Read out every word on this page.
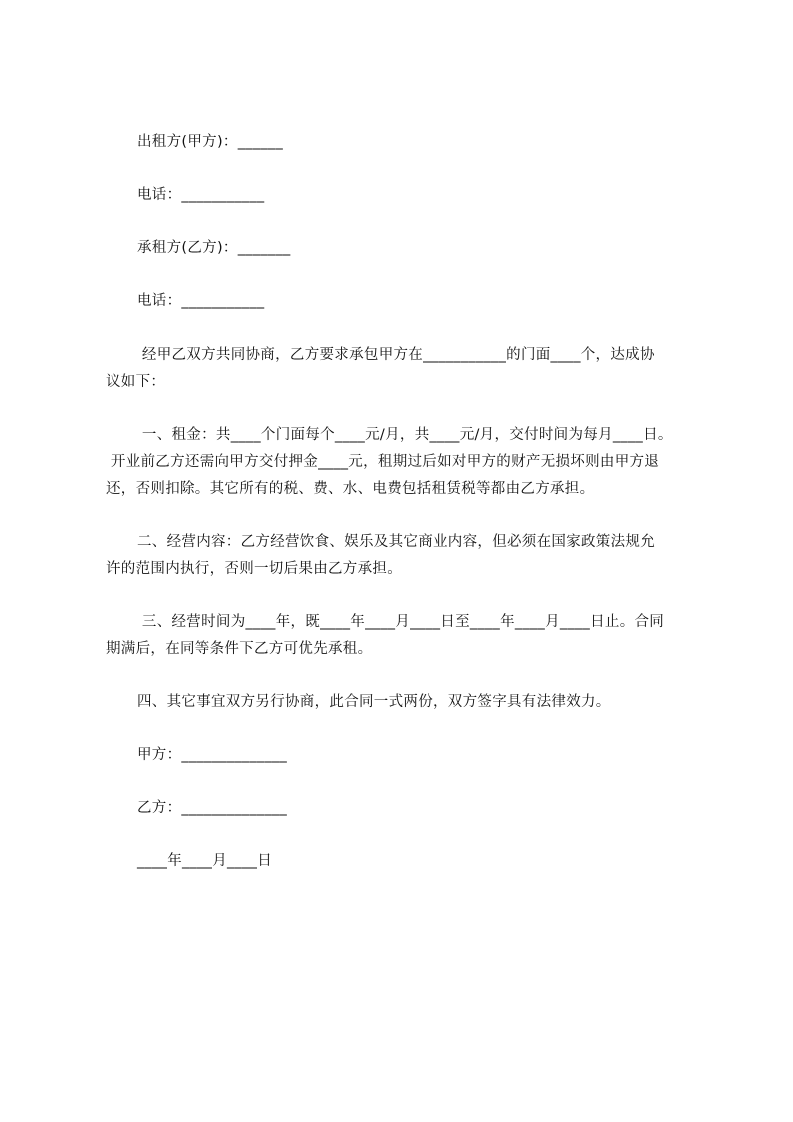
出租方(甲方)：______
电话：___________
承租方(乙方)：_______
电话：___________
经甲乙双方共同协商，乙方要求承包甲方在___________的门面____个，达成协
议如下：
一、租金：共____个门面每个____元/月，共____元/月，交付时间为每月____日。
开业前乙方还需向甲方交付押金____元，租期过后如对甲方的财产无损坏则由甲方退
还，否则扣除。其它所有的税、费、水、电费包括租赁税等都由乙方承担。
二、经营内容：乙方经营饮食、娱乐及其它商业内容，但必须在国家政策法规允
许的范围内执行，否则一切后果由乙方承担。
三、经营时间为____年，既____年____月____日至____年____月____日止。合同
期满后，在同等条件下乙方可优先承租。
四、其它事宜双方另行协商，此合同一式两份，双方签字具有法律效力。
甲方：______________
乙方：______________
____年____月____日
